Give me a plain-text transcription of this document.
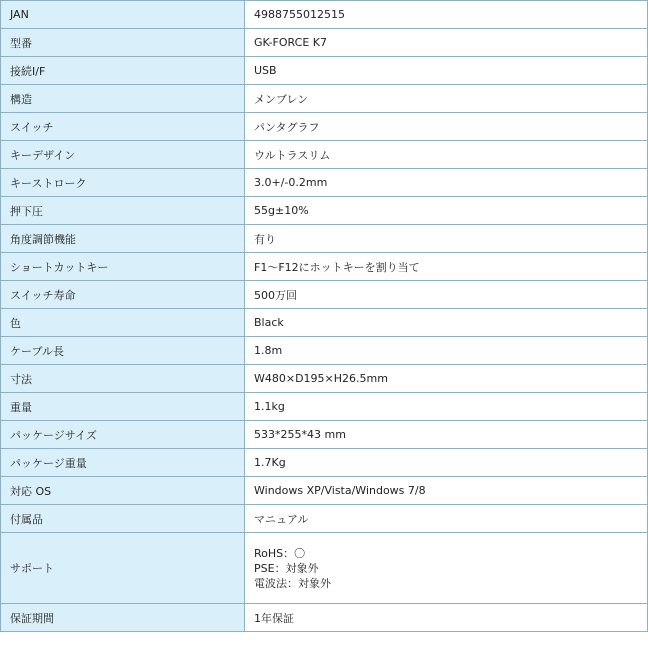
JAN	4988755012515
型番	GK-FORCE K7
接続I/F	USB
構造	メンブレン
スイッチ	パンタグラフ
キーデザイン	ウルトラスリム
キーストローク	3.0+/-0.2mm
押下圧	55g±10%
角度調節機能	有り
ショートカットキー	F1～F12にホットキーを割り当て
スイッチ寿命	500万回
色	Black
ケーブル長	1.8m
寸法	W480×D195×H26.5mm
重量	1.1kg
パッケージサイズ	533*255*43 mm
パッケージ重量	1.7Kg
対応 OS	Windows XP/Vista/Windows 7/8
付属品	マニュアル
サポート	RoHS：〇
PSE：対象外
電波法：対象外

保証期間	1年保証
